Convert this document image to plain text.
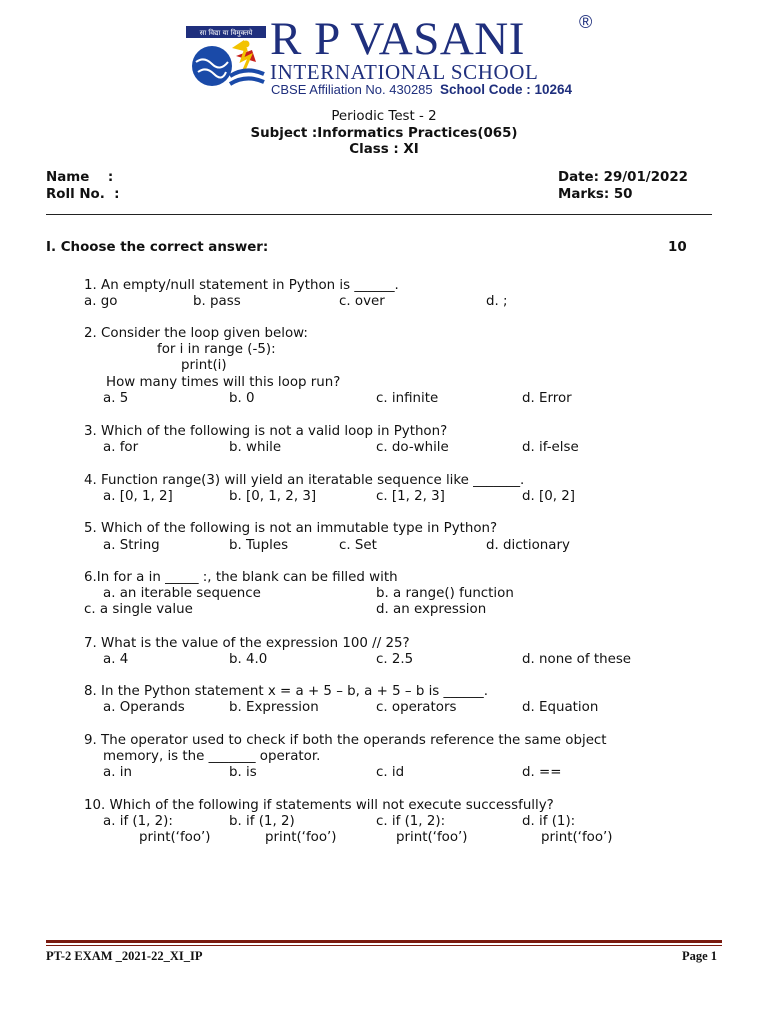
सा विद्या या विमुक्तये R P VASANI	®
INTERNATIONAL SCHOOL
CBSE Affiliation No. 430285 School Code : 10264
Periodic Test - 2
Subject :Informatics Practices(065)
Class : XI
Name    :
Roll No.  :
Date: 29/01/2022
Marks: 50
I. Choose the correct answer:	10
1. An empty/null statement in Python is ______.
a. go	b. pass	c. over	d. ;
2. Consider the loop given below:
for i in range (-5):
print(i)
How many times will this loop run?
a. 5	b. 0	c. infinite	d. Error
3. Which of the following is not a valid loop in Python?
a. for	b. while	c. do-while	d. if-else
4. Function range(3) will yield an iteratable sequence like _______.
a. [0, 1, 2]	b. [0, 1, 2, 3]	c. [1, 2, 3]	d. [0, 2]
5. Which of the following is not an immutable type in Python?
a. String	b. Tuples	c. Set	d. dictionary
6.In for a in _____ :, the blank can be filled with
a. an iterable sequence	b. a range() function
c. a single value	d. an expression
7. What is the value of the expression 100 // 25?
a. 4	b. 4.0	c. 2.5	d. none of these
8. In the Python statement x = a + 5 – b, a + 5 – b is ______.
a. Operands	b. Expression	c. operators	d. Equation
9. The operator used to check if both the operands reference the same object
memory, is the _______ operator.
a. in	b. is	c. id	d. ==
10. Which of the following if statements will not execute successfully?
a. if (1, 2):	b. if (1, 2)	c. if (1, 2):	d. if (1):
print(‘foo’)	print(‘foo’)	print(‘foo’)	print(‘foo’)
PT-2 EXAM _2021-22_XI_IP	Page 1
